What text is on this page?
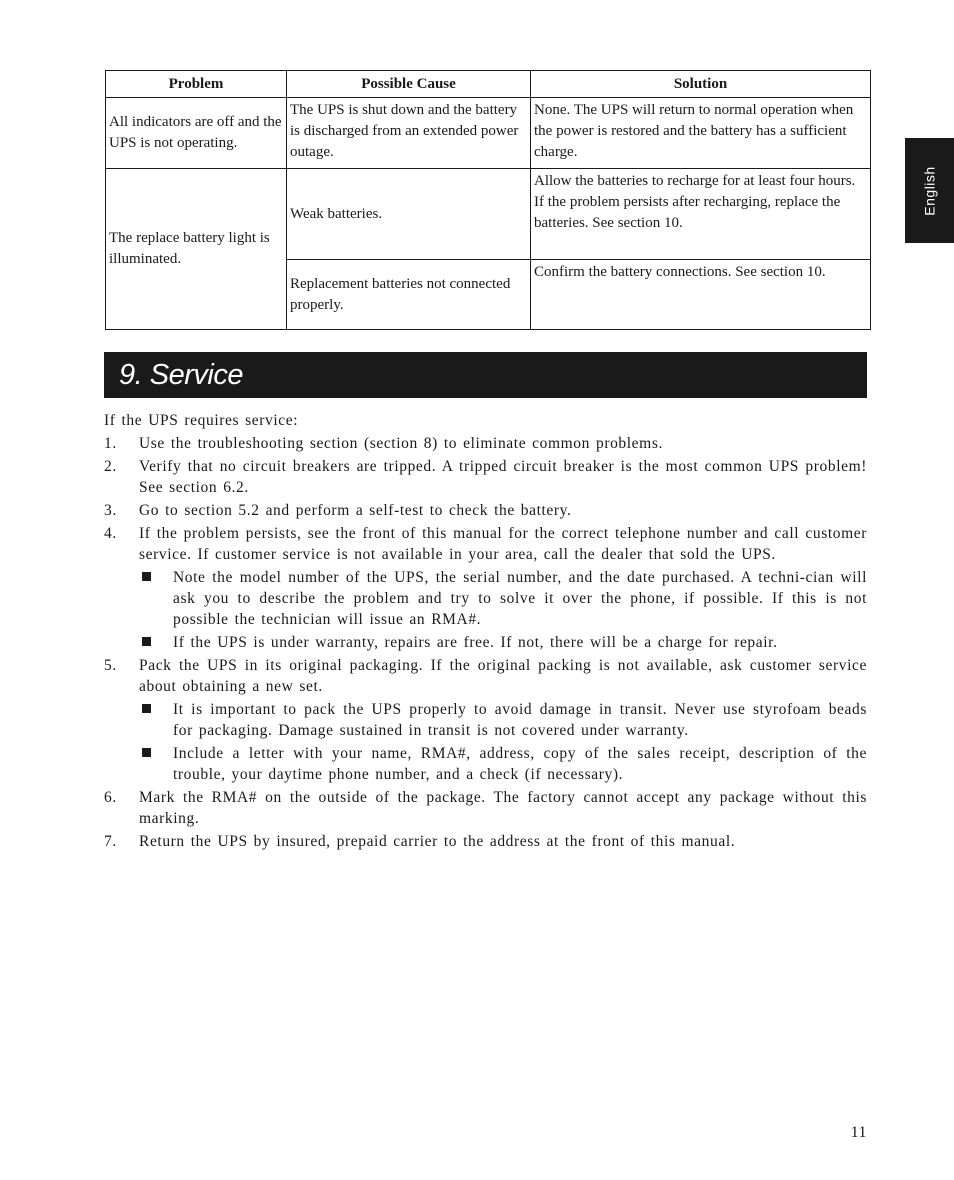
English
Problem	Possible Cause	Solution
All indicators are off and the UPS is not operating.	The UPS is shut down and the battery is discharged from an extended power outage.	None. The UPS will return to normal operation when the power is restored and the battery has a sufficient charge.
The replace battery light is illuminated.	Weak batteries.	Allow the batteries to recharge for at least four hours. If the problem persists after recharging, replace the batteries. See section 10.
	Replacement batteries not connected properly.	Confirm the battery connections. See section 10.
9. Service

If the UPS requires service:

1. Use the troubleshooting section (section 8) to eliminate common problems.
2. Verify that no circuit breakers are tripped. A tripped circuit breaker is the most common UPS problem! See section 6.2.
3. Go to section 5.2 and perform a self-test to check the battery.
4. If the problem persists, see the front of this manual for the correct telephone number and call customer service. If customer service is not available in your area, call the dealer that sold the UPS.
Note the model number of the UPS, the serial number, and the date purchased. A techni-cian will ask you to describe the problem and try to solve it over the phone, if possible. If this is not possible the technician will issue an RMA#.
If the UPS is under warranty, repairs are free. If not, there will be a charge for repair.
5. Pack the UPS in its original packaging. If the original packing is not available, ask customer service about obtaining a new set.
It is important to pack the UPS properly to avoid damage in transit. Never use styrofoam beads for packaging. Damage sustained in transit is not covered under warranty.
Include a letter with your name, RMA#, address, copy of the sales receipt, description of the trouble, your daytime phone number, and a check (if necessary).
6. Mark the RMA# on the outside of the package. The factory cannot accept any package without this marking.
7. Return the UPS by insured, prepaid carrier to the address at the front of this manual.
11
